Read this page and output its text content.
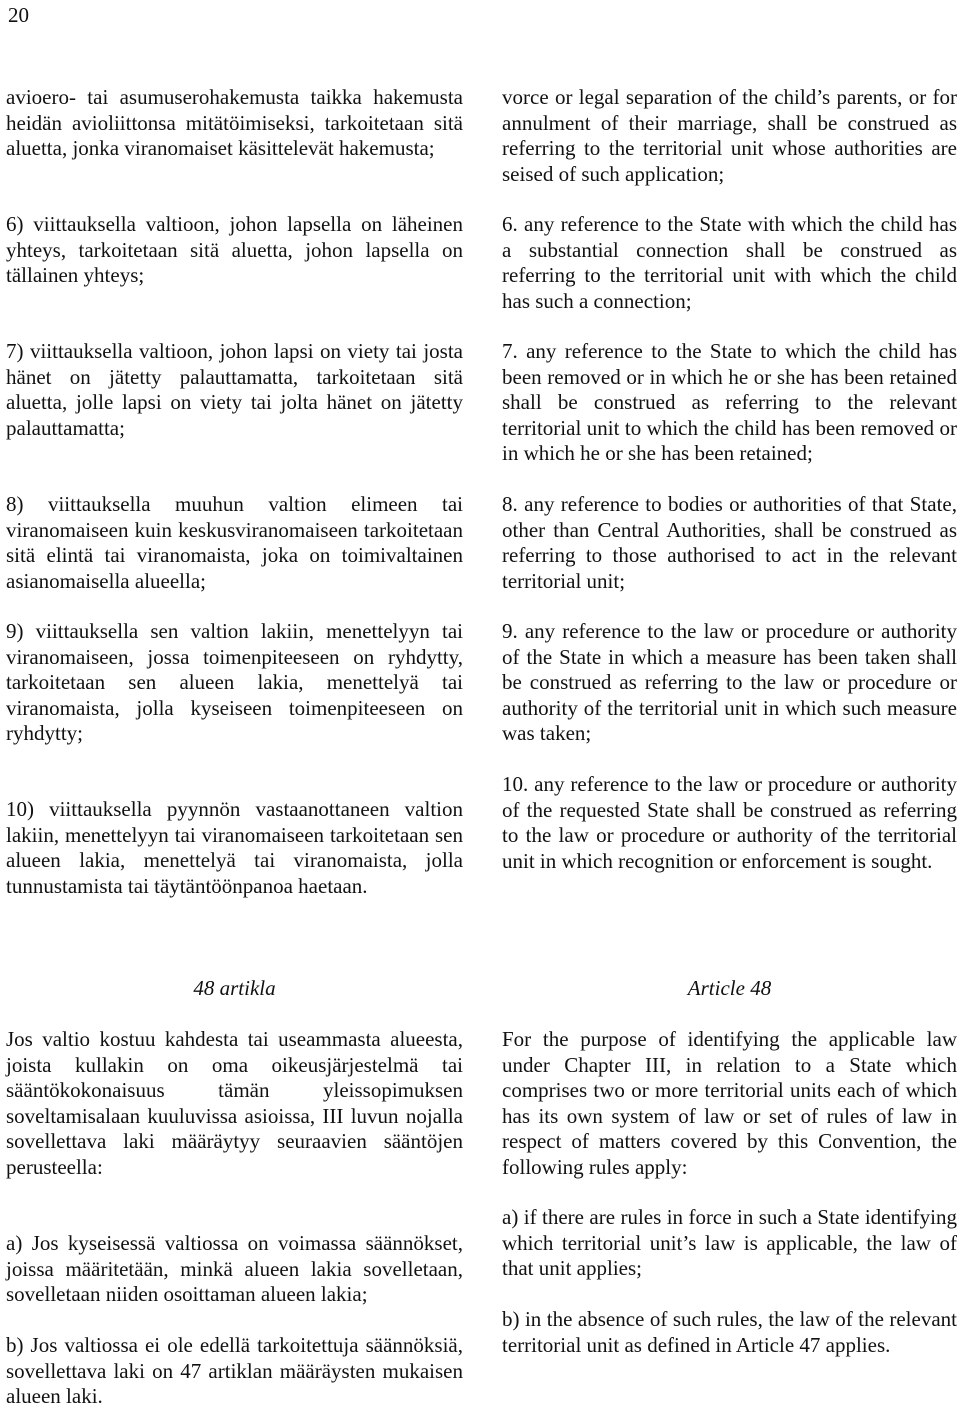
20

avioero- tai asumuserohakemusta taikka hakemusta heidän avioliittonsa mitätöimiseksi, tarkoitetaan sitä aluetta, jonka viranomaiset käsittelevät hakemusta;

6) viittauksella valtioon, johon lapsella on läheinen yhteys, tarkoitetaan sitä aluetta, johon lapsella on tällainen yhteys;

7) viittauksella valtioon, johon lapsi on viety tai josta hänet on jätetty palauttamatta, tarkoitetaan sitä aluetta, jolle lapsi on viety tai jolta hänet on jätetty palauttamatta;

8) viittauksella muuhun valtion elimeen tai viranomaiseen kuin keskusviranomaiseen tarkoitetaan sitä elintä tai viranomaista, joka on toimivaltainen asianomaisella alueella;

9) viittauksella sen valtion lakiin, menettelyyn tai viranomaiseen, jossa toimenpiteeseen on ryhdytty, tarkoitetaan sen alueen lakia, menettelyä tai viranomaista, jolla kyseiseen toimenpiteeseen on ryhdytty;

10) viittauksella pyynnön vastaanottaneen valtion lakiin, menettelyyn tai viranomaiseen tarkoitetaan sen alueen lakia, menettelyä tai viranomaista, jolla tunnustamista tai täytäntöönpanoa haetaan.

48 artikla

Jos valtio kostuu kahdesta tai useammasta alueesta, joista kullakin on oma oikeusjärjestelmä tai sääntökokonaisuus tämän yleissopimuksen soveltamisalaan kuuluvissa asioissa, III luvun nojalla sovellettava laki määräytyy seuraavien sääntöjen perusteella:

a) Jos kyseisessä valtiossa on voimassa säännökset, joissa määritetään, minkä alueen lakia sovelletaan, sovelletaan niiden osoittaman alueen lakia;

b) Jos valtiossa ei ole edellä tarkoitettuja säännöksiä, sovellettava laki on 47 artiklan määräysten mukaisen alueen laki.

vorce or legal separation of the child’s parents, or for annulment of their marriage, shall be construed as referring to the territorial unit whose authorities are seised of such application;

6. any reference to the State with which the child has a substantial connection shall be construed as referring to the territorial unit with which the child has such a connection;

7. any reference to the State to which the child has been removed or in which he or she has been retained shall be construed as referring to the relevant territorial unit to which the child has been removed or in which he or she has been retained;

8. any reference to bodies or authorities of that State, other than Central Authorities, shall be construed as referring to those authorised to act in the relevant territorial unit;

9. any reference to the law or procedure or authority of the State in which a measure has been taken shall be construed as referring to the law or procedure or authority of the territorial unit in which such measure was taken;

10. any reference to the law or procedure or authority of the requested State shall be construed as referring to the law or procedure or authority of the territorial unit in which recognition or enforcement is sought.

Article 48

For the purpose of identifying the applicable law under Chapter III, in relation to a State which comprises two or more territorial units each of which has its own system of law or set of rules of law in respect of matters covered by this Convention, the following rules apply:

a) if there are rules in force in such a State identifying which territorial unit’s law is applicable, the law of that unit applies;

b) in the absence of such rules, the law of the relevant territorial unit as defined in Article 47 applies.
